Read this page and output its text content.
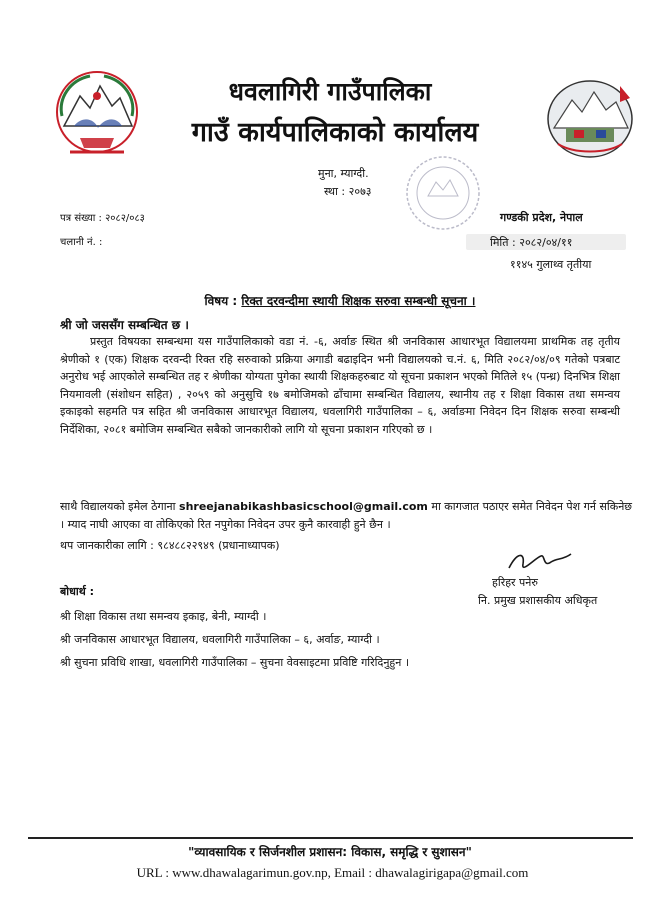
धवलागिरी गाउँपालिका
गाउँ कार्यपालिकाको कार्यालय
मुना, म्याग्दी.
स्था : २०७३
पत्र संख्या : २०८२/०८३
चलानी नं. :
गण्डकी प्रदेश, नेपाल
मिति : २०८२/०४/११
११४५ गुलाथ्व तृतीया
विषय : रिक्त दरवन्दीमा स्थायी शिक्षक सरुवा सम्बन्धी सूचना ।
श्री जो जससँग सम्बन्धित छ ।
प्रस्तुत विषयका सम्बन्धमा यस गाउँपालिकाको वडा नं. -६, अर्वाङ स्थित श्री जनविकास आधारभूत विद्यालयमा प्राथमिक तह तृतीय श्रेणीको १ (एक) शिक्षक दरवन्दी रिक्त रहि सरुवाको प्रक्रिया अगाडी बढाइदिन भनी विद्यालयको च.नं. ६, मिति २०८२/०४/०९ गतेको पत्रबाट अनुरोध भई आएकोले सम्बन्धित तह र श्रेणीका योग्यता पुगेका स्थायी शिक्षकहरुबाट यो सूचना प्रकाशन भएको मितिले १५ (पन्ध्र) दिनभित्र शिक्षा नियमावली (संशोधन सहित) , २०५९ को अनुसुचि १७ बमोजिमको ढाँचामा सम्बन्धित विद्यालय, स्थानीय तह र शिक्षा विकास तथा समन्वय इकाइको सहमति पत्र सहित श्री जनविकास आधारभूत विद्यालय, धवलागिरी गाउँपालिका – ६, अर्वाङमा निवेदन दिन शिक्षक सरुवा सम्बन्धी निर्देशिका, २०८१ बमोजिम सम्बन्धित सबैको जानकारीको लागि यो सूचना प्रकाशन गरिएको छ ।
साथै विद्यालयको इमेल ठेगाना shreejanabikashbasicschool@gmail.com मा कागजात पठाएर समेत निवेदन पेश गर्न सकिनेछ
। म्याद नाघी आएका वा तोकिएको रित नपुगेका निवेदन उपर कुनै कारवाही हुने छैन ।
थप जानकारीका लागि : ९८४८८२२९४९ (प्रधानाध्यापक)
हरिहर पनेरु
नि. प्रमुख प्रशासकीय अधिकृत
बोधार्थ :
श्री शिक्षा विकास तथा समन्वय इकाइ, बेनी, म्याग्दी ।
श्री जनविकास आधारभूत विद्यालय, धवलागिरी गाउँपालिका – ६, अर्वाङ, म्याग्दी ।
श्री सुचना प्रविधि शाखा, धवलागिरी गाउँपालिका – सुचना वेवसाइटमा प्रविष्टि गरिदिनुहुन ।
"व्यावसायिक र सिर्जनशील प्रशासन: विकास, समृद्धि र सुशासन"
URL : www.dhawalagarimun.gov.np, Email : dhawalagirigapa@gmail.com
